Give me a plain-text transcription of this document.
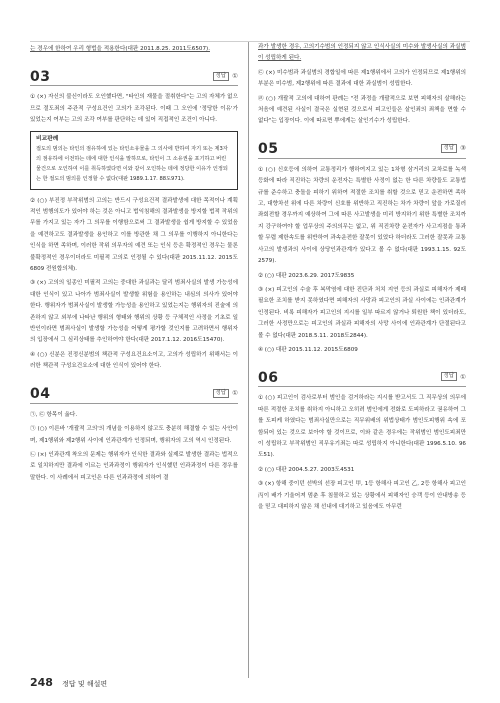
는 경우에 한하여 우리 형법을 적용한다(대판 2011.8.25. 2011도6507).

03	정답 ①

① (×) 자신의 불신이라도 오인했다면, "타인의 재물을 절취한다"는 고의 자체가 없으므로 절도죄의 주관적 구성요건인 고의가 조각된다. 이때 그 오인에 '정당한 이유'가 있었는지 여부는 고의 조각 여부를 판단하는 데 있어 직접적인 조건이 아니다.

비교판례
절도의 범의는 타인의 점유하에 있는 타인소유물을 그 의사에 반하여 자기 또는 제3자의 점유하에 이전하는 데에 대한 인식을 말하므로, 타인이 그 소유권을 포기하고 버린 물건으로 오인하여 이를 취득하였다면 이와 같이 오인하는 데에 정당한 이유가 인정되는 한 절도의 범의를 인정할 수 없다(대판 1989.1.17. 88도971).

② (○) 부진정 부작위범의 고의는 반드시 구성요건적 결과발생에 대한 목적이나 계획적인 범행의도가 있어야 하는 것은 아니고 법익침해의 결과발생을 방지할 법적 작위의무를 가지고 있는 자가 그 의무를 이행함으로써 그 결과발생을 쉽게 방지할 수 있었음을 예견하고도 결과발생을 용인하고 이를 방관한 채 그 의무를 이행하지 아니한다는 인식을 하면 족하며, 이러한 작위 의무자의 예견 또는 인식 등은 확정적인 경우는 물론 불확정적인 경우이더라도 미필적 고의로 인정될 수 있다(대판 2015.11.12. 2015도6809 전원합의체).

③ (×) 고의의 일종인 미필적 고의는 중대한 과실과는 달리 범죄사실의 발생 가능성에 대한 인식이 있고 나아가 범죄사실이 발생할 위험을 용인하는 내심의 의사가 있어야 한다. 행위자가 범죄사실이 발생할 가능성을 용인하고 있었는지는 행위자의 진술에 의존하지 않고 외부에 나타난 행위의 형태와 행위의 상황 등 구체적인 사정을 기초로 일반인이라면 범죄사실이 발생할 가능성을 어떻게 평가할 것인지를 고려하면서 행위자의 입장에서 그 심리상태를 추인하여야 한다(대판 2017.1.12. 2016도15470).

④ (○) 신분은 진정신분범의 책관적 구성요건요소이고, 고의가 성립하기 위해서는 이러한 책관적 구성요건요소에 대한 인식이 있어야 한다.

04	정답 ①

㉠, ㉢ 항목이 옳다.

㉠ (○) 이른바 '개괄적 고의'의 개념을 이용하지 않고도 충분히 해결할 수 있는 사안이며, 제1행위와 제2행위 사이에 인과관계가 인정되며, 행위자의 고의 역시 인정된다.

㉡ (×) 인과관계 착오의 문제는 행위자가 인식한 결과와 실제로 발생한 결과는 법적으로 일치하지만 결과에 이르는 인과과정이 행위자가 인식했던 인과과정이 다른 경우를 말한다. 이 사례에서 피고인은 다른 인과과정에 의하여 결

과가 발생한 경우, 고의기수범의 인정되지 않고 인식사실의 미수와 발생사실의 과실범이 성립하게 된다.

㉢ (×) 미수범과 과실범의 경합일에 따른 제1행위에서 고의가 인정되므로 제1행위의 부분은 미수범, 제2행위에 따른 결과에 대한 과실범이 성립한다.

㉣ (○) 개괄적 고의에 대하여 판례는 "전 과정을 개괄적으로 보면 피해자의 살해라는 처음에 예견된 사실이 결국은 실현된 것으로서 피고인들은 살인죄의 죄책을 면할 수 없다"는 입장이다. 이에 따르면 뿌에게는 살인기수가 성립한다.

05	정답 ③

① (○) 신호등에 의하여 교통정리가 행하여지고 있는 1차형 삼거리의 교차로를 녹색등화에 따라 직진하는 차량의 운전자는 특별한 사정이 없는 한 다른 차량들도 교통법규를 준수하고 충돌을 피하기 위하여 적절한 조치를 취할 것으로 믿고 운전하면 족하고, 대향차선 위에 다른 차량이 신호를 위반하고 직진하는 차가 차량이 앞을 가로질러 좌회전할 경우까지 예상하여 그에 따른 사고발생을 미리 방지하기 위한 특별한 조치까지 강구하여야 할 업무상의 주의의무는 없고, 위 직진차량 운전자가 사고지점을 통과할 무렵 제한속도를 위반하여 과속운전한 잘못이 있었다 하더라도 그러한 잘못과 교통사고의 발생과의 사이에 상당인과관계가 있다고 볼 수 없다(대판 1993.1.15. 92도2579).

② (○) 대판 2023.6.29. 2017도9835

③ (×) 피고인의 수술 후 복막염에 대한 진단과 처치 지연 등의 과실로 피해자가 제때 필요한 조치를 받지 못하였다면 피해자의 사망과 피고인의 과실 사이에는 인과관계가 인정된다. 비록 피해자가 피고인의 지시를 일부 따르지 않거나 퇴원한 책이 있더라도, 그러한 사정만으로는 피고인의 과실과 피해자의 사망 사이에 인과관계가 단절된다고 볼 수 없다(대판 2018.5.11. 2018도2844).

④ (○) 대판 2015.11.12. 2015도6809

06	정답 ①

① (○) 피고인이 검사로부터 범인을 검거하라는 지시를 받고서도 그 직무상의 의무에 따른 적절한 조치를 취하지 아니하고 오히려 범인에게 전화로 도피하라고 권유하여 그를 도피케 하였다는 범죄사실만으로는 직무위배의 위법상태가 범인도피행위 속에 포함되어 있는 것으로 보아야 할 것이므로, 이와 같은 경우에는 작위범인 범인도피죄만이 성립하고 부작위범인 직무유기죄는 따로 성립하지 아니한다(대판 1996.5.10. 96도51).

② (○) 대판 2004.5.27. 2003도4531

③ (×) 항해 중이던 선박의 선장 피고인 甲, 1등 항해사 피고인 乙, 2등 항해사 피고인 丙이 배가 기울어져 멈춘 후 침몰하고 있는 상황에서 피해자인 승객 등이 안내방송 등을 믿고 대피하지 않은 채 선내에 대기하고 있음에도 아무런

248 정답 및 해설편
